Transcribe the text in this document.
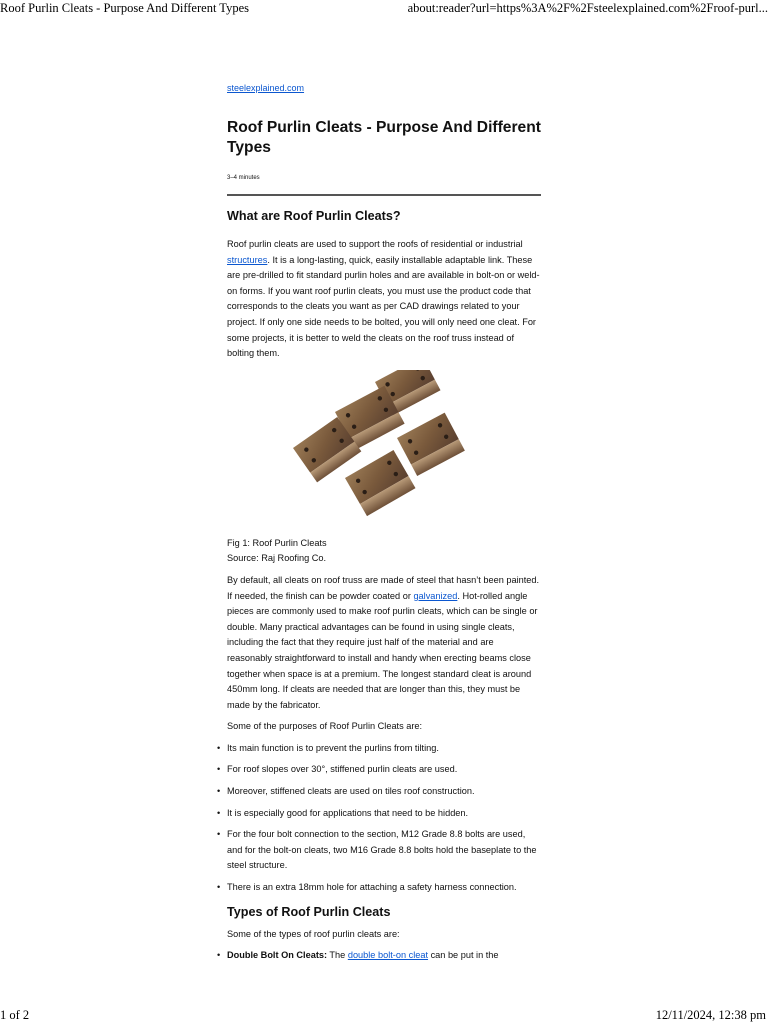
Roof Purlin Cleats - Purpose And Different Types	about:reader?url=https%3A%2F%2Fsteelexplained.com%2Froof-purl...
steelexplained.com
Roof Purlin Cleats - Purpose And Different Types
3–4 minutes
What are Roof Purlin Cleats?

Roof purlin cleats are used to support the roofs of residential or industrial structures. It is a long-lasting, quick, easily installable adaptable link. These are pre-drilled to fit standard purlin holes and are available in bolt-on or weld-on forms. If you want roof purlin cleats, you must use the product code that corresponds to the cleats you want as per CAD drawings related to your project. If only one side needs to be bolted, you will only need one cleat. For some projects, it is better to weld the cleats on the roof truss instead of bolting them.

Fig 1: Roof Purlin Cleats

Source: Raj Roofing Co.

By default, all cleats on roof truss are made of steel that hasn’t been painted. If needed, the finish can be powder coated or galvanized. Hot-rolled angle pieces are commonly used to make roof purlin cleats, which can be single or double. Many practical advantages can be found in using single cleats, including the fact that they require just half of the material and are reasonably straightforward to install and handy when erecting beams close together when space is at a premium. The longest standard cleat is around 450mm long. If cleats are needed that are longer than this, they must be made by the fabricator.

Some of the purposes of Roof Purlin Cleats are:

• Its main function is to prevent the purlins from tilting.
• For roof slopes over 30°, stiffened purlin cleats are used.
• Moreover, stiffened cleats are used on tiles roof construction.
• It is especially good for applications that need to be hidden.
• For the four bolt connection to the section, M12 Grade 8.8 bolts are used, and for the bolt-on cleats, two M16 Grade 8.8 bolts hold the baseplate to the steel structure.
• There is an extra 18mm hole for attaching a safety harness connection.
Types of Roof Purlin Cleats

Some of the types of roof purlin cleats are:

• Double Bolt On Cleats: The double bolt-on cleat can be put in the
1 of 2	12/11/2024, 12:38 pm
